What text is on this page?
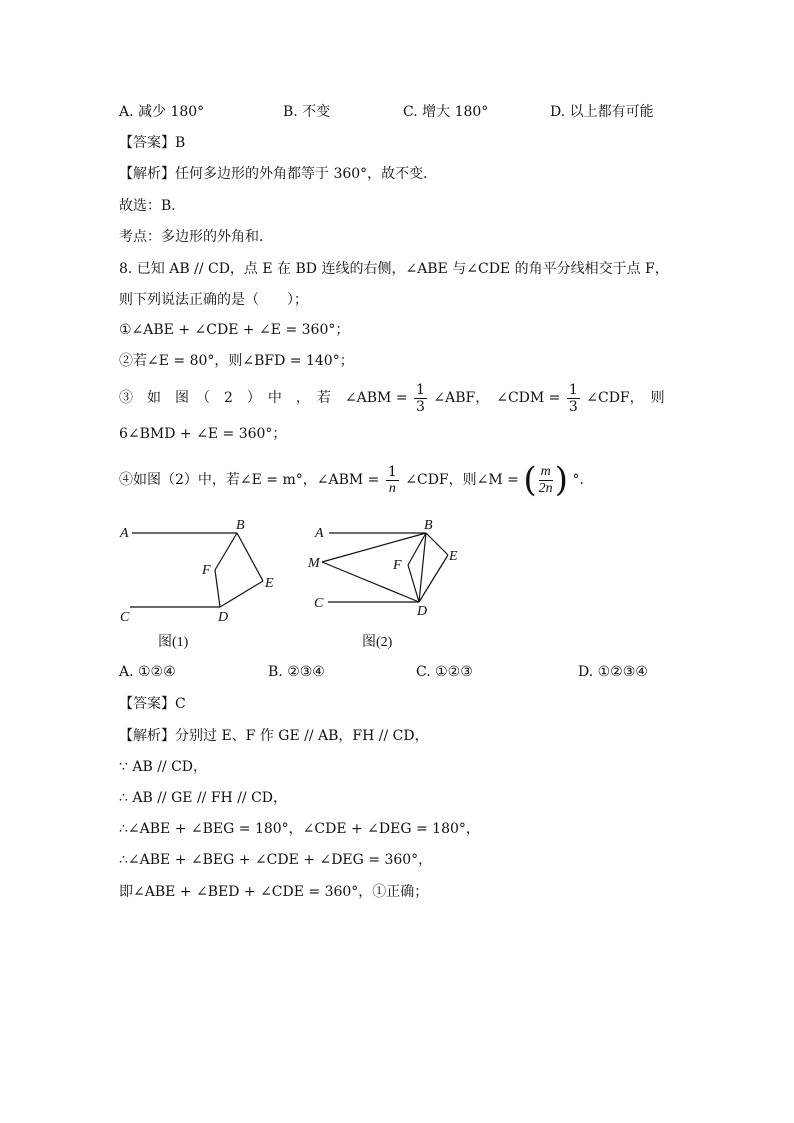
A. 减少 180°	B. 不变	C. 增大 180°	D. 以上都有可能
【答案】B
【解析】任何多边形的外角都等于 360°，故不变．
故选：B．
考点：多边形的外角和．
8. 已知 AB // CD，点 E 在 BD 连线的右侧，∠ABE 与∠CDE 的角平分线相交于点 F，
则下列说法正确的是（　　）；
①∠ABE + ∠CDE + ∠E = 360°；
②若∠E = 80°，则∠BFD = 140°；
③　如　图　（　2　）　中　，　若　∠ABM = $\frac{1}{3}$ ∠ABF，　∠CDM = $\frac{1}{3}$ ∠CDF，　则
6∠BMD + ∠E = 360°；
④如图（2）中，若∠E = m°，∠ABM = $\frac{1}{n}$ ∠CDF，则∠M = ( $\frac{m}{2n}$ ) °．
A
B
C	D
E
F
图(1)
A
B
C
D
E
F
M
图(2)
A. ①②④	B. ②③④	C. ①②③	D. ①②③④
【答案】C
【解析】分别过 E、F 作 GE // AB，FH // CD，
∵ AB // CD，
∴ AB // GE // FH // CD，
∴∠ABE + ∠BEG = 180°，∠CDE + ∠DEG = 180°，
∴∠ABE + ∠BEG + ∠CDE + ∠DEG = 360°，
即∠ABE + ∠BED + ∠CDE = 360°，①正确；
